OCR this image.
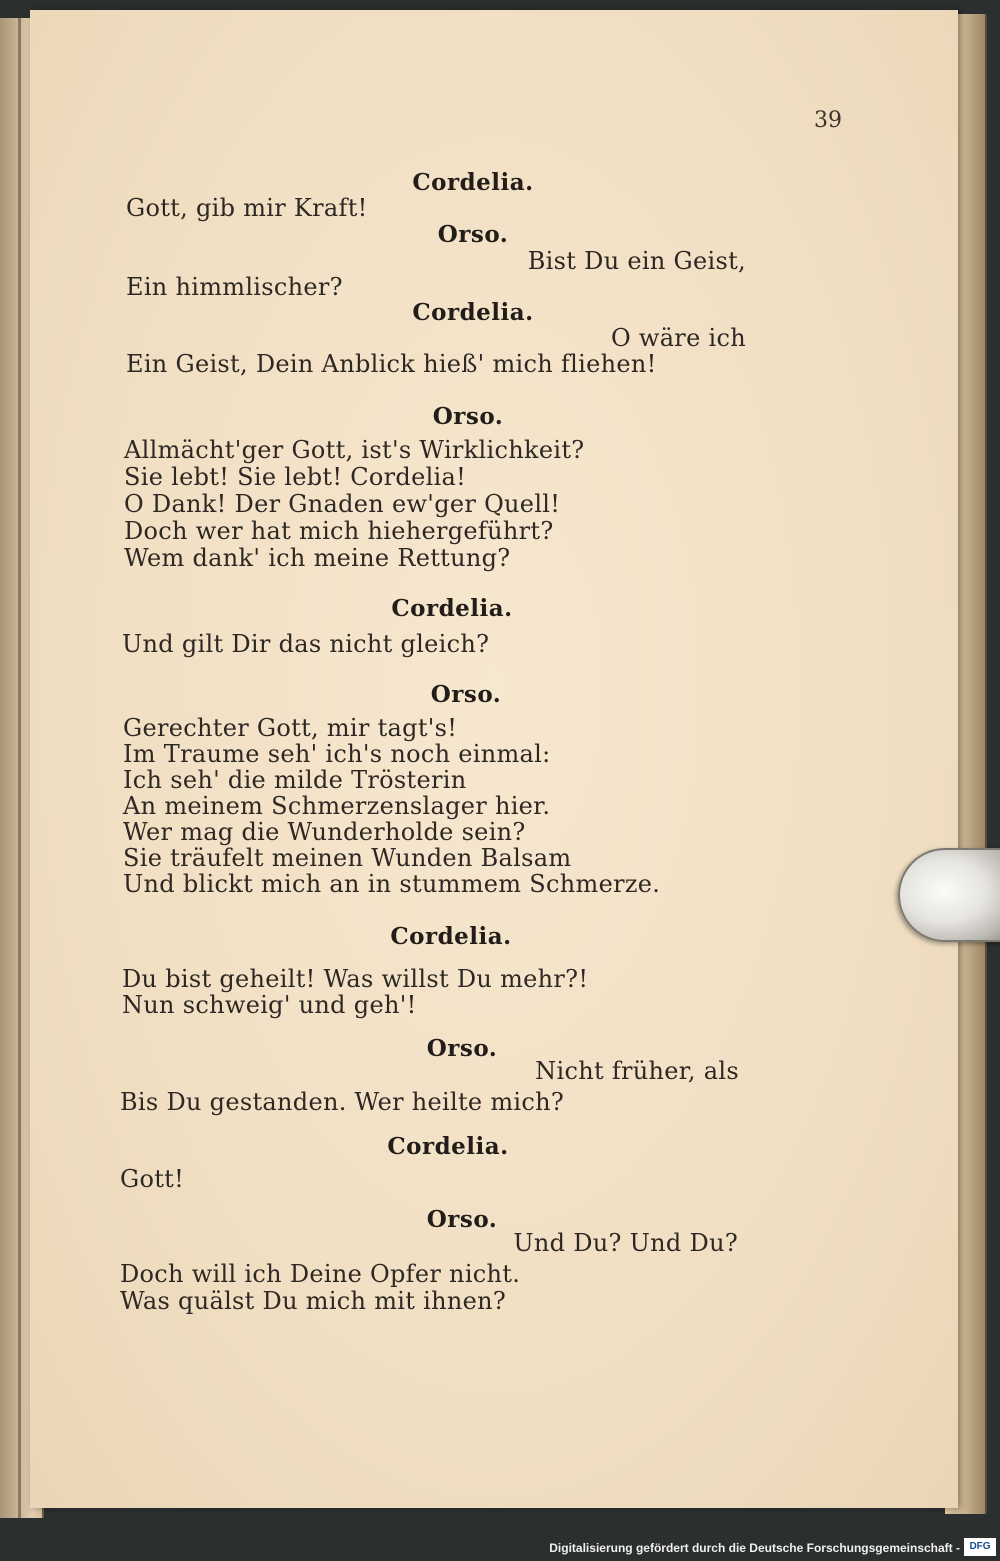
39
Cordelia.
Gott, gib mir Kraft!
Orso.
Bist Du ein Geist,
Ein himmlischer?
Cordelia.
O wäre ich
Ein Geist, Dein Anblick hieß' mich fliehen!
Orso.
Allmächt'ger Gott, ist's Wirklichkeit?
Sie lebt! Sie lebt! Cordelia!
O Dank! Der Gnaden ew'ger Quell!
Doch wer hat mich hiehergeführt?
Wem dank' ich meine Rettung?
Cordelia.
Und gilt Dir das nicht gleich?
Orso.
Gerechter Gott, mir tagt's!
Im Traume seh' ich's noch einmal:
Ich seh' die milde Trösterin
An meinem Schmerzenslager hier.
Wer mag die Wunderholde sein?
Sie träufelt meinen Wunden Balsam
Und blickt mich an in stummem Schmerze.
Cordelia.
Du bist geheilt! Was willst Du mehr?!
Nun schweig' und geh'!
Orso.
Nicht früher, als
Bis Du gestanden. Wer heilte mich?
Cordelia.
Gott!
Orso.
Und Du? Und Du?
Doch will ich Deine Opfer nicht.
Was quälst Du mich mit ihnen?
Digitalisierung gefördert durch die Deutsche Forschungsgemeinschaft - DFG
